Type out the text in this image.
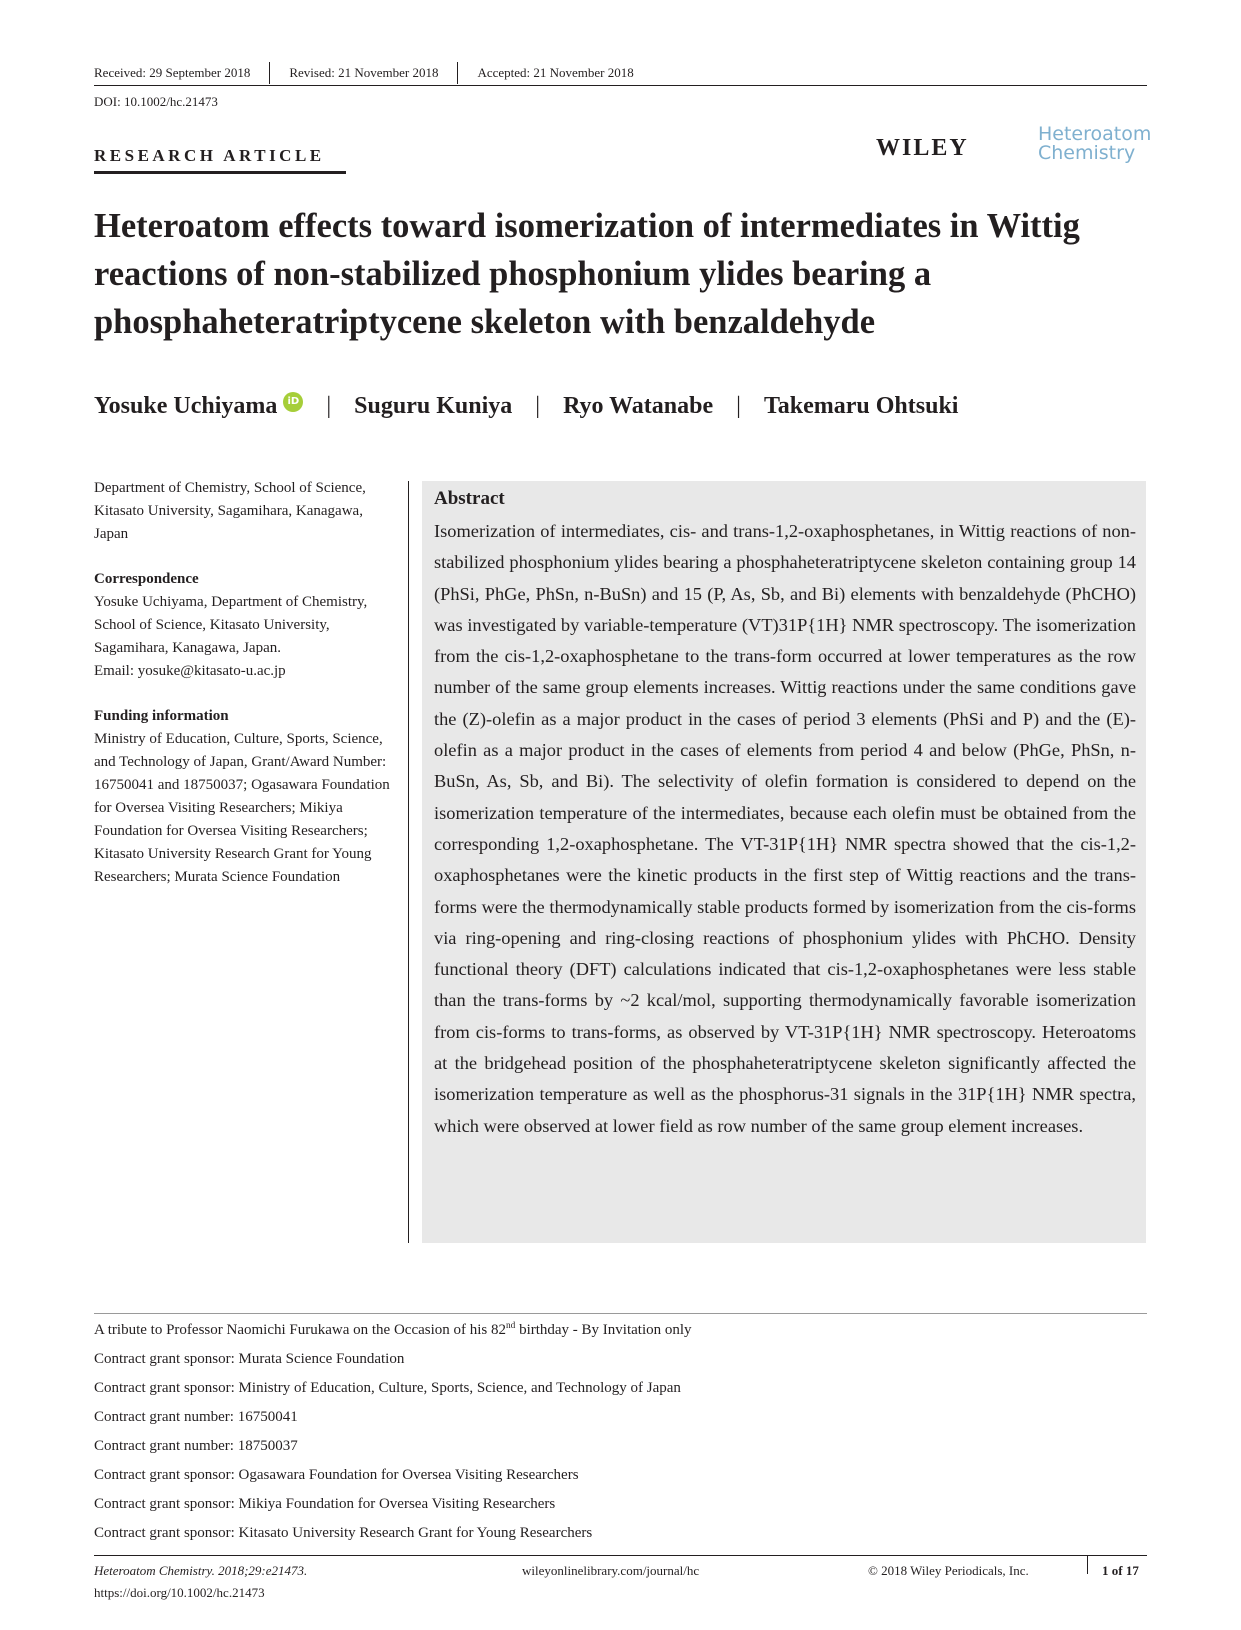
Received: 29 September 2018	Revised: 21 November 2018	Accepted: 21 November 2018
DOI: 10.1002/hc.21473
RESEARCH ARTICLE	WILEY
Heteroatom
Chemistry
Heteroatom effects toward isomerization of intermediates in Wittig reactions of non-stabilized phosphonium ylides bearing a phosphaheteratriptycene skeleton with benzaldehyde
Yosuke Uchiyama	iD | Suguru Kuniya | Ryo Watanabe | Takemaru Ohtsuki

Department of Chemistry, School of Science, Kitasato University, Sagamihara, Kanagawa, Japan

Correspondence

Yosuke Uchiyama, Department of Chemistry, School of Science, Kitasato University, Sagamihara, Kanagawa, Japan.

Email: yosuke@kitasato-u.ac.jp

Funding information

Ministry of Education, Culture, Sports, Science, and Technology of Japan, Grant/Award Number: 16750041 and 18750037; Ogasawara Foundation for Oversea Visiting Researchers; Mikiya Foundation for Oversea Visiting Researchers; Kitasato University Research Grant for Young Researchers; Murata Science Foundation

Abstract

Isomerization of intermediates, cis- and trans-1,2-oxaphosphetanes, in Wittig reactions of non-stabilized phosphonium ylides bearing a phosphaheteratriptycene skeleton containing group 14 (PhSi, PhGe, PhSn, n-BuSn) and 15 (P, As, Sb, and Bi) elements with benzaldehyde (PhCHO) was investigated by variable-temperature (VT)31P{1H} NMR spectroscopy. The isomerization from the cis-1,2-oxaphosphetane to the trans-form occurred at lower temperatures as the row number of the same group elements increases. Wittig reactions under the same conditions gave the (Z)-olefin as a major product in the cases of period 3 elements (PhSi and P) and the (E)-olefin as a major product in the cases of elements from period 4 and below (PhGe, PhSn, n-BuSn, As, Sb, and Bi). The selectivity of olefin formation is considered to depend on the isomerization temperature of the intermediates, because each olefin must be obtained from the corresponding 1,2-oxaphosphetane. The VT-31P{1H} NMR spectra showed that the cis-1,2-oxaphosphetanes were the kinetic products in the first step of Wittig reactions and the trans-forms were the thermodynamically stable products formed by isomerization from the cis-forms via ring-opening and ring-closing reactions of phosphonium ylides with PhCHO. Density functional theory (DFT) calculations indicated that cis-1,2-oxaphosphetanes were less stable than the trans-forms by ~2 kcal/mol, supporting thermodynamically favorable isomerization from cis-forms to trans-forms, as observed by VT-31P{1H} NMR spectroscopy. Heteroatoms at the bridgehead position of the phosphaheteratriptycene skeleton significantly affected the isomerization temperature as well as the phosphorus-31 signals in the 31P{1H} NMR spectra, which were observed at lower field as row number of the same group element increases.

A tribute to Professor Naomichi Furukawa on the Occasion of his 82nd birthday - By Invitation only
Contract grant sponsor: Murata Science Foundation
Contract grant sponsor: Ministry of Education, Culture, Sports, Science, and Technology of Japan
Contract grant number: 16750041
Contract grant number: 18750037
Contract grant sponsor: Ogasawara Foundation for Oversea Visiting Researchers
Contract grant sponsor: Mikiya Foundation for Oversea Visiting Researchers
Contract grant sponsor: Kitasato University Research Grant for Young Researchers
Heteroatom Chemistry. 2018;29:e21473.
https://doi.org/10.1002/hc.21473
wileyonlinelibrary.com/journal/hc	© 2018 Wiley Periodicals, Inc.	1 of 17
